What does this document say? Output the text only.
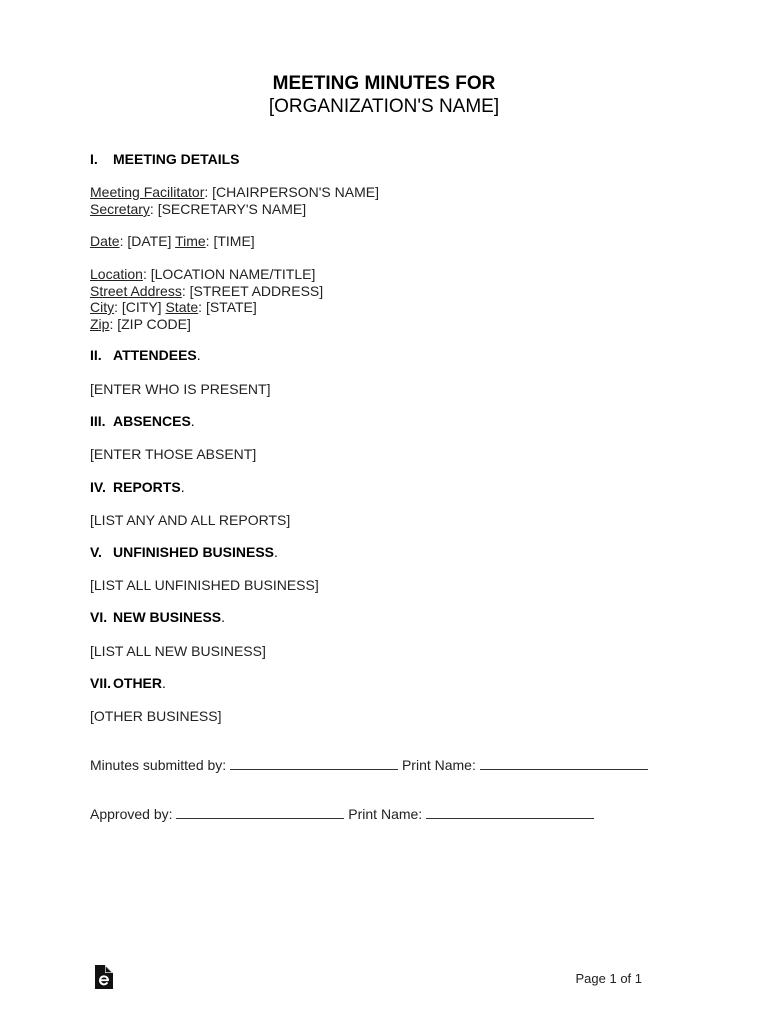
MEETING MINUTES FOR
[ORGANIZATION'S NAME]
I. MEETING DETAILS
Meeting Facilitator: [CHAIRPERSON'S NAME]
Secretary: [SECRETARY'S NAME]
Date: [DATE] Time: [TIME]
Location: [LOCATION NAME/TITLE]
Street Address: [STREET ADDRESS]
City: [CITY] State: [STATE]
Zip: [ZIP CODE]
II. ATTENDEES.
[ENTER WHO IS PRESENT]
III. ABSENCES.
[ENTER THOSE ABSENT]
IV. REPORTS.
[LIST ANY AND ALL REPORTS]
V. UNFINISHED BUSINESS.
[LIST ALL UNFINISHED BUSINESS]
VI. NEW BUSINESS.
[LIST ALL NEW BUSINESS]
VII. OTHER.
[OTHER BUSINESS]
Minutes submitted by:	Print Name:
Approved by:	Print Name:
Page 1 of 1
